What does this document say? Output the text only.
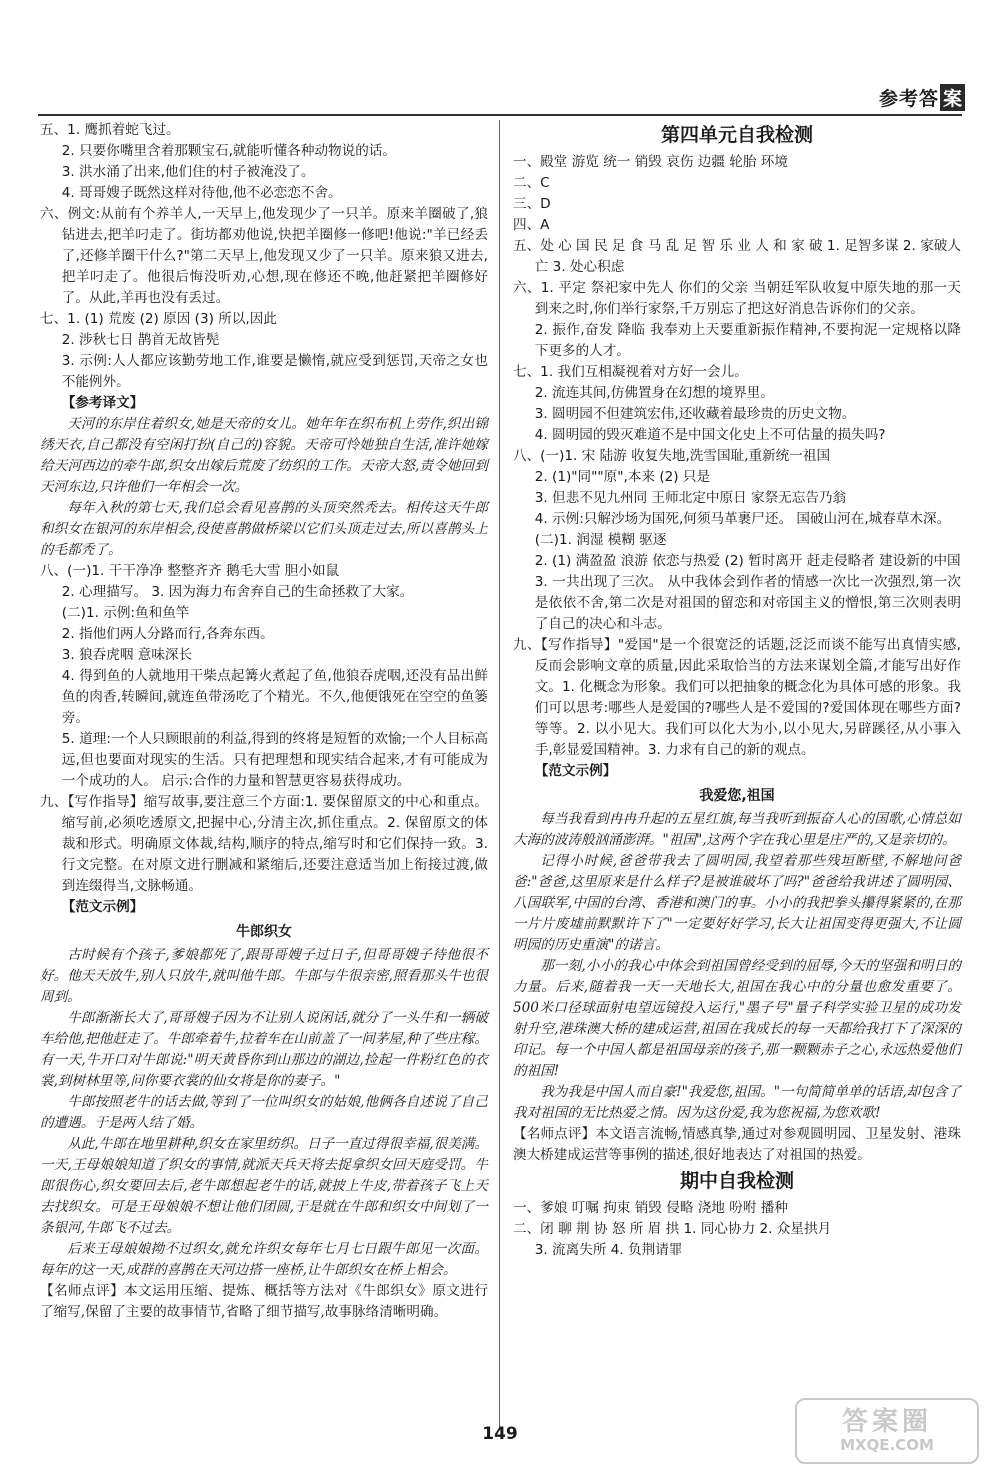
参考答 案

五、1. 鹰抓着蛇飞过。

2. 只要你嘴里含着那颗宝石,就能听懂各种动物说的话。

3. 洪水涌了出来,他们住的村子被淹没了。

4. 哥哥嫂子既然这样对待他,他不必恋恋不舍。

六、例文:从前有个养羊人,一天早上,他发现少了一只羊。原来羊圈破了,狼钻进去,把羊叼走了。街坊都劝他说,快把羊圈修一修吧!他说:"羊已经丢了,还修羊圈干什么?"第二天早上,他发现又少了一只羊。原来狼又进去,把羊叼走了。他很后悔没听劝,心想,现在修还不晚,他赶紧把羊圈修好了。从此,羊再也没有丢过。

七、1. (1) 荒废 (2) 原因 (3) 所以,因此

2. 涉秋七日 鹊首无故皆髡

3. 示例:人人都应该勤劳地工作,谁要是懒惰,就应受到惩罚,天帝之女也不能例外。

【参考译文】

天河的东岸住着织女,她是天帝的女儿。她年年在织布机上劳作,织出锦绣天衣,自己都没有空闲打扮(自己的)容貌。天帝可怜她独自生活,准许她嫁给天河西边的牵牛郎,织女出嫁后荒废了纺织的工作。天帝大怒,责令她回到天河东边,只许他们一年相会一次。

每年入秋的第七天,我们总会看见喜鹊的头顶突然秃去。相传这天牛郎和织女在银河的东岸相会,役使喜鹊做桥梁以它们头顶走过去,所以喜鹊头上的毛都秃了。

八、(一)1. 干干净净 整整齐齐 鹅毛大雪 胆小如鼠

2. 心理描写。 3. 因为海力布舍弃自己的生命拯救了大家。

(二)1. 示例:鱼和鱼竿

2. 指他们两人分路而行,各奔东西。

3. 狼吞虎咽 意味深长

4. 得到鱼的人就地用干柴点起篝火煮起了鱼,他狼吞虎咽,还没有品出鲜鱼的肉香,转瞬间,就连鱼带汤吃了个精光。不久,他便饿死在空空的鱼篓旁。

5. 道理:一个人只顾眼前的利益,得到的终将是短暂的欢愉;一个人目标高远,但也要面对现实的生活。只有把理想和现实结合起来,才有可能成为一个成功的人。 启示:合作的力量和智慧更容易获得成功。

九、【写作指导】缩写故事,要注意三个方面:1. 要保留原文的中心和重点。缩写前,必须吃透原文,把握中心,分清主次,抓住重点。2. 保留原文的体裁和形式。明确原文体裁,结构,顺序的特点,缩写时和它们保持一致。3. 行文完整。在对原文进行删减和紧缩后,还要注意适当加上衔接过渡,做到连缀得当,文脉畅通。

【范文示例】

牛郎织女

古时候有个孩子,爹娘都死了,跟哥哥嫂子过日子,但哥哥嫂子待他很不好。他天天放牛,别人只放牛,就叫他牛郎。牛郎与牛很亲密,照看那头牛也很周到。

牛郎渐渐长大了,哥哥嫂子因为不让别人说闲话,就分了一头牛和一辆破车给他,把他赶走了。牛郎牵着牛,拉着车在山前盖了一间茅屋,种了些庄稼。有一天,牛开口对牛郎说:"明天黄昏你到山那边的湖边,捡起一件粉红色的衣裳,到树林里等,问你要衣裳的仙女将是你的妻子。"

牛郎按照老牛的话去做,等到了一位叫织女的姑娘,他俩各自述说了自己的遭遇。于是两人结了婚。

从此,牛郎在地里耕种,织女在家里纺织。日子一直过得很幸福,很美满。一天,王母娘娘知道了织女的事情,就派天兵天将去捉拿织女回天庭受罚。牛郎很伤心,织女要回去后,老牛郎想起老牛的话,就披上牛皮,带着孩子飞上天去找织女。可是王母娘娘不想让他们团圆,于是就在牛郎和织女中间划了一条银河,牛郎飞不过去。

后来王母娘娘拗不过织女,就允许织女每年七月七日跟牛郎见一次面。每年的这一天,成群的喜鹊在天河边搭一座桥,让牛郎织女在桥上相会。

【名师点评】本文运用压缩、提炼、概括等方法对《牛郎织女》原文进行了缩写,保留了主要的故事情节,省略了细节描写,故事脉络清晰明确。

第四单元自我检测

一、殿堂 游览 统一 销毁 哀伤 边疆 轮胎 环境

二、C

三、D

四、A

五、处 心 国 民 足 食 马 乱 足 智 乐 业 人 和 家 破 1. 足智多谋 2. 家破人亡 3. 处心积虑

六、1. 平定 祭祀家中先人 你们的父亲 当朝廷军队收复中原失地的那一天到来之时,你们举行家祭,千万别忘了把这好消息告诉你们的父亲。

2. 振作,奋发 降临 我奉劝上天要重新振作精神,不要拘泥一定规格以降下更多的人才。

七、1. 我们互相凝视着对方好一会儿。

2. 流连其间,仿佛置身在幻想的境界里。

3. 圆明园不但建筑宏伟,还收藏着最珍贵的历史文物。

4. 圆明园的毁灭难道不是中国文化史上不可估量的损失吗?

八、(一)1. 宋 陆游 收复失地,洗雪国耻,重新统一祖国

2. (1)"同""原",本来 (2) 只是

3. 但悲不见九州同 王师北定中原日 家祭无忘告乃翁

4. 示例:只解沙场为国死,何须马革裹尸还。 国破山河在,城春草木深。

(二)1. 润湿 模糊 驱逐

2. (1) 满盈盈 浪游 依恋与热爱 (2) 暂时离开 赶走侵略者 建设新的中国

3. 一共出现了三次。 从中我体会到作者的情感一次比一次强烈,第一次是依依不舍,第二次是对祖国的留恋和对帝国主义的憎恨,第三次则表明了自己的决心和斗志。

九、【写作指导】"爱国"是一个很宽泛的话题,泛泛而谈不能写出真情实感,反而会影响文章的质量,因此采取恰当的方法来谋划全篇,才能写出好作文。1. 化概念为形象。我们可以把抽象的概念化为具体可感的形象。我们可以思考:哪些人是爱国的?哪些人是不爱国的?爱国体现在哪些方面?等等。2. 以小见大。我们可以化大为小,以小见大,另辟蹊径,从小事入手,彰显爱国精神。3. 力求有自己的新的观点。

【范文示例】

我爱您,祖国

每当我看到冉冉升起的五星红旗,每当我听到振奋人心的国歌,心情总如大海的波涛般汹涌澎湃。"祖国",这两个字在我心里是庄严的,又是亲切的。

记得小时候,爸爸带我去了圆明园,我望着那些残垣断壁,不解地问爸爸:"爸爸,这里原来是什么样子?是被谁破坏了吗?"爸爸给我讲述了圆明园、八国联军,中国的台湾、香港和澳门的事。小小的我把拳头攥得紧紧的,在那一片片废墟前默默许下了"一定要好好学习,长大让祖国变得更强大,不让圆明园的历史重演"的诺言。

那一刻,小小的我心中体会到祖国曾经受到的屈辱,今天的坚强和明日的力量。后来,随着我一天一天地长大,祖国在我心中的分量也愈发重要了。500米口径球面射电望远镜投入运行,"墨子号"量子科学实验卫星的成功发射升空,港珠澳大桥的建成运营,祖国在我成长的每一天都给我打下了深深的印记。每一个中国人都是祖国母亲的孩子,那一颗颗赤子之心,永远热爱他们的祖国!

我为我是中国人而自豪!"我爱您,祖国。"一句简简单单的话语,却包含了我对祖国的无比热爱之情。因为这份爱,我为您祝福,为您欢歌!

【名师点评】本文语言流畅,情感真挚,通过对参观圆明园、卫星发射、港珠澳大桥建成运营等事例的描述,很好地表达了对祖国的热爱。

期中自我检测

一、爹娘 叮嘱 拘束 销毁 侵略 浇地 吩咐 播种

二、闭 聊 荆 协 怒 所 眉 拱 1. 同心协力 2. 众星拱月

3. 流离失所 4. 负荆请罪

149	答案圈
MXQE.COM
